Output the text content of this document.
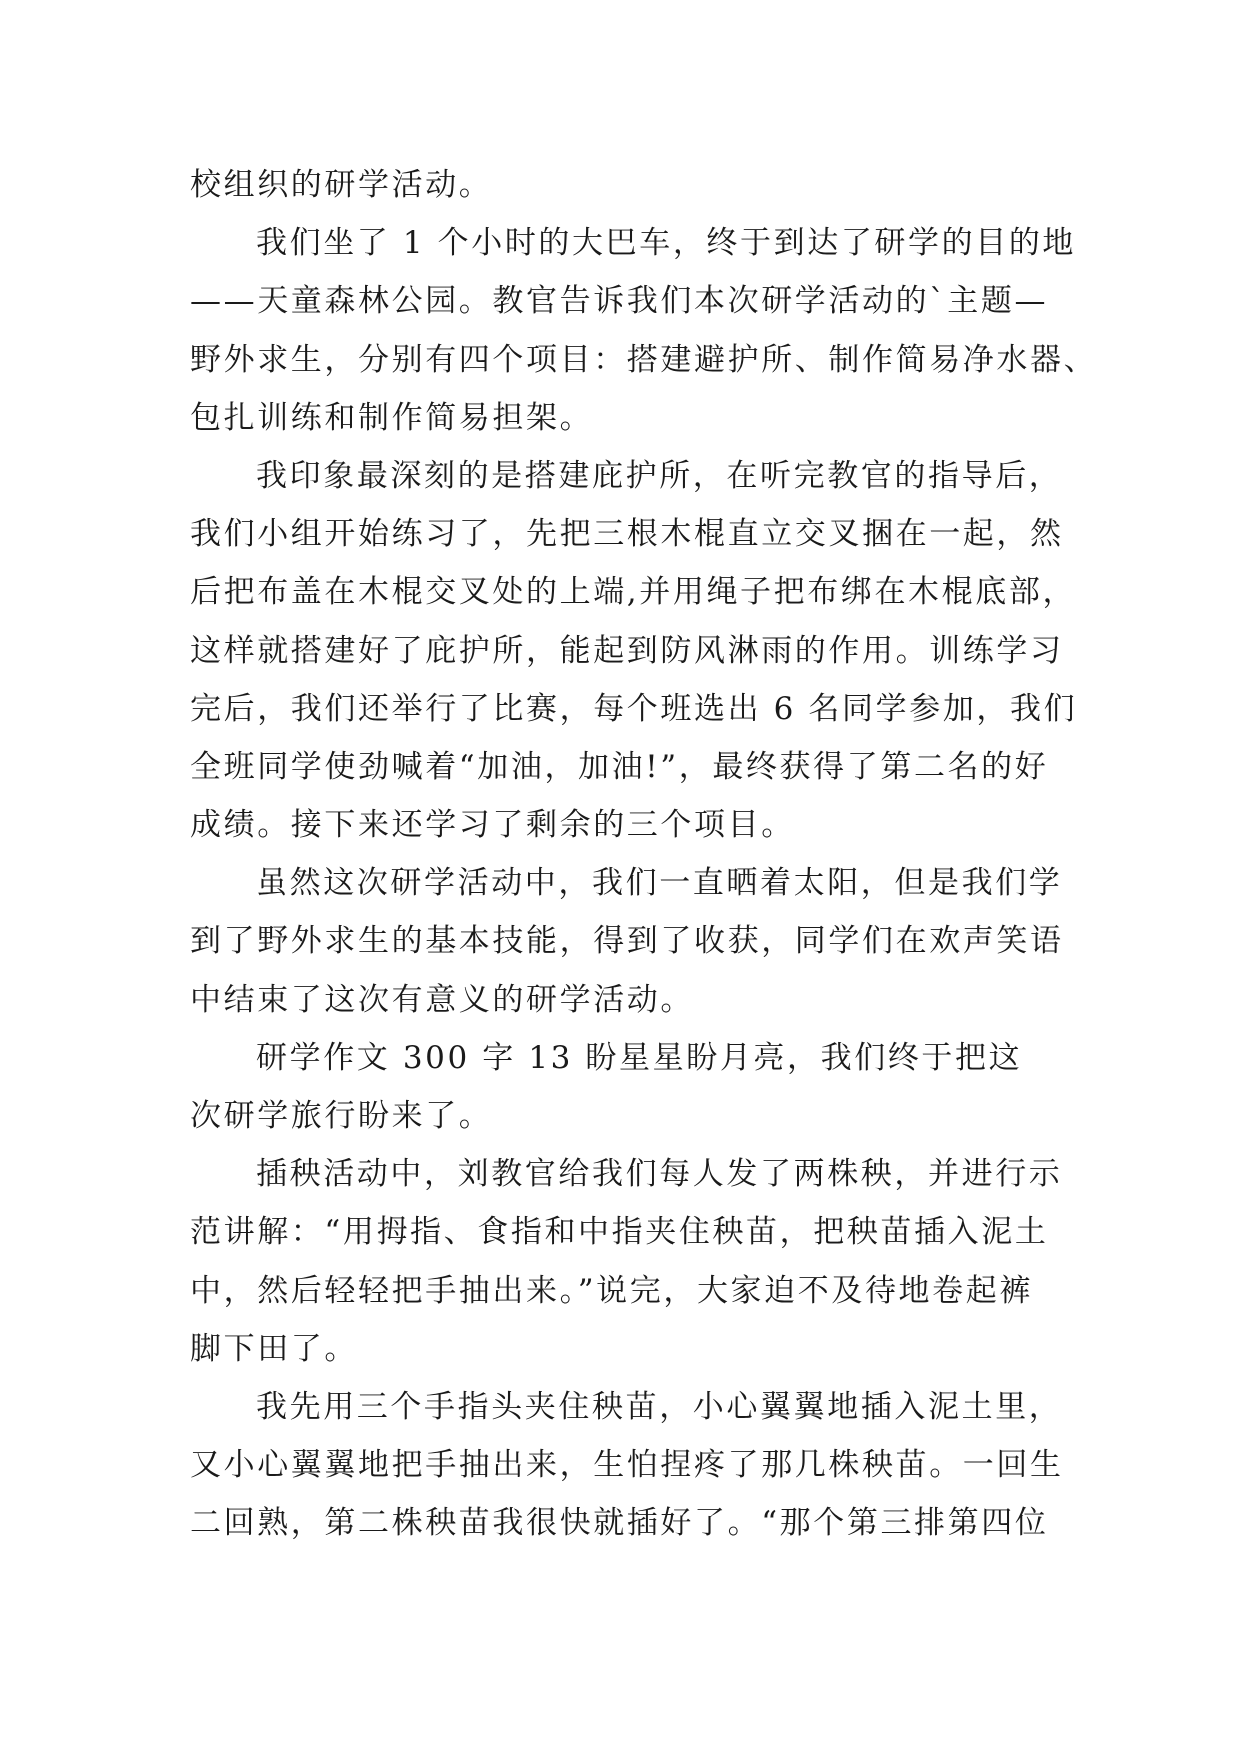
校组织的研学活动。
我们坐了 1 个小时的大巴车，终于到达了研学的目的地
——天童森林公园。教官告诉我们本次研学活动的`主题—
野外求生，分别有四个项目：搭建避护所、制作简易净水器、
包扎训练和制作简易担架。
我印象最深刻的是搭建庇护所，在听完教官的指导后，
我们小组开始练习了，先把三根木棍直立交叉捆在一起，然
后把布盖在木棍交叉处的上端,并用绳子把布绑在木棍底部，
这样就搭建好了庇护所，能起到防风淋雨的作用。训练学习
完后，我们还举行了比赛，每个班选出 6 名同学参加，我们
全班同学使劲喊着“加油，加油!”，最终获得了第二名的好
成绩。接下来还学习了剩余的三个项目。
虽然这次研学活动中，我们一直晒着太阳，但是我们学
到了野外求生的基本技能，得到了收获，同学们在欢声笑语
中结束了这次有意义的研学活动。
研学作文 300 字 13 盼星星盼月亮，我们终于把这
次研学旅行盼来了。
插秧活动中，刘教官给我们每人发了两株秧，并进行示
范讲解：“用拇指、食指和中指夹住秧苗，把秧苗插入泥土
中，然后轻轻把手抽出来。”说完，大家迫不及待地卷起裤
脚下田了。
我先用三个手指头夹住秧苗，小心翼翼地插入泥土里，
又小心翼翼地把手抽出来，生怕捏疼了那几株秧苗。一回生
二回熟，第二株秧苗我很快就插好了。“那个第三排第四位
